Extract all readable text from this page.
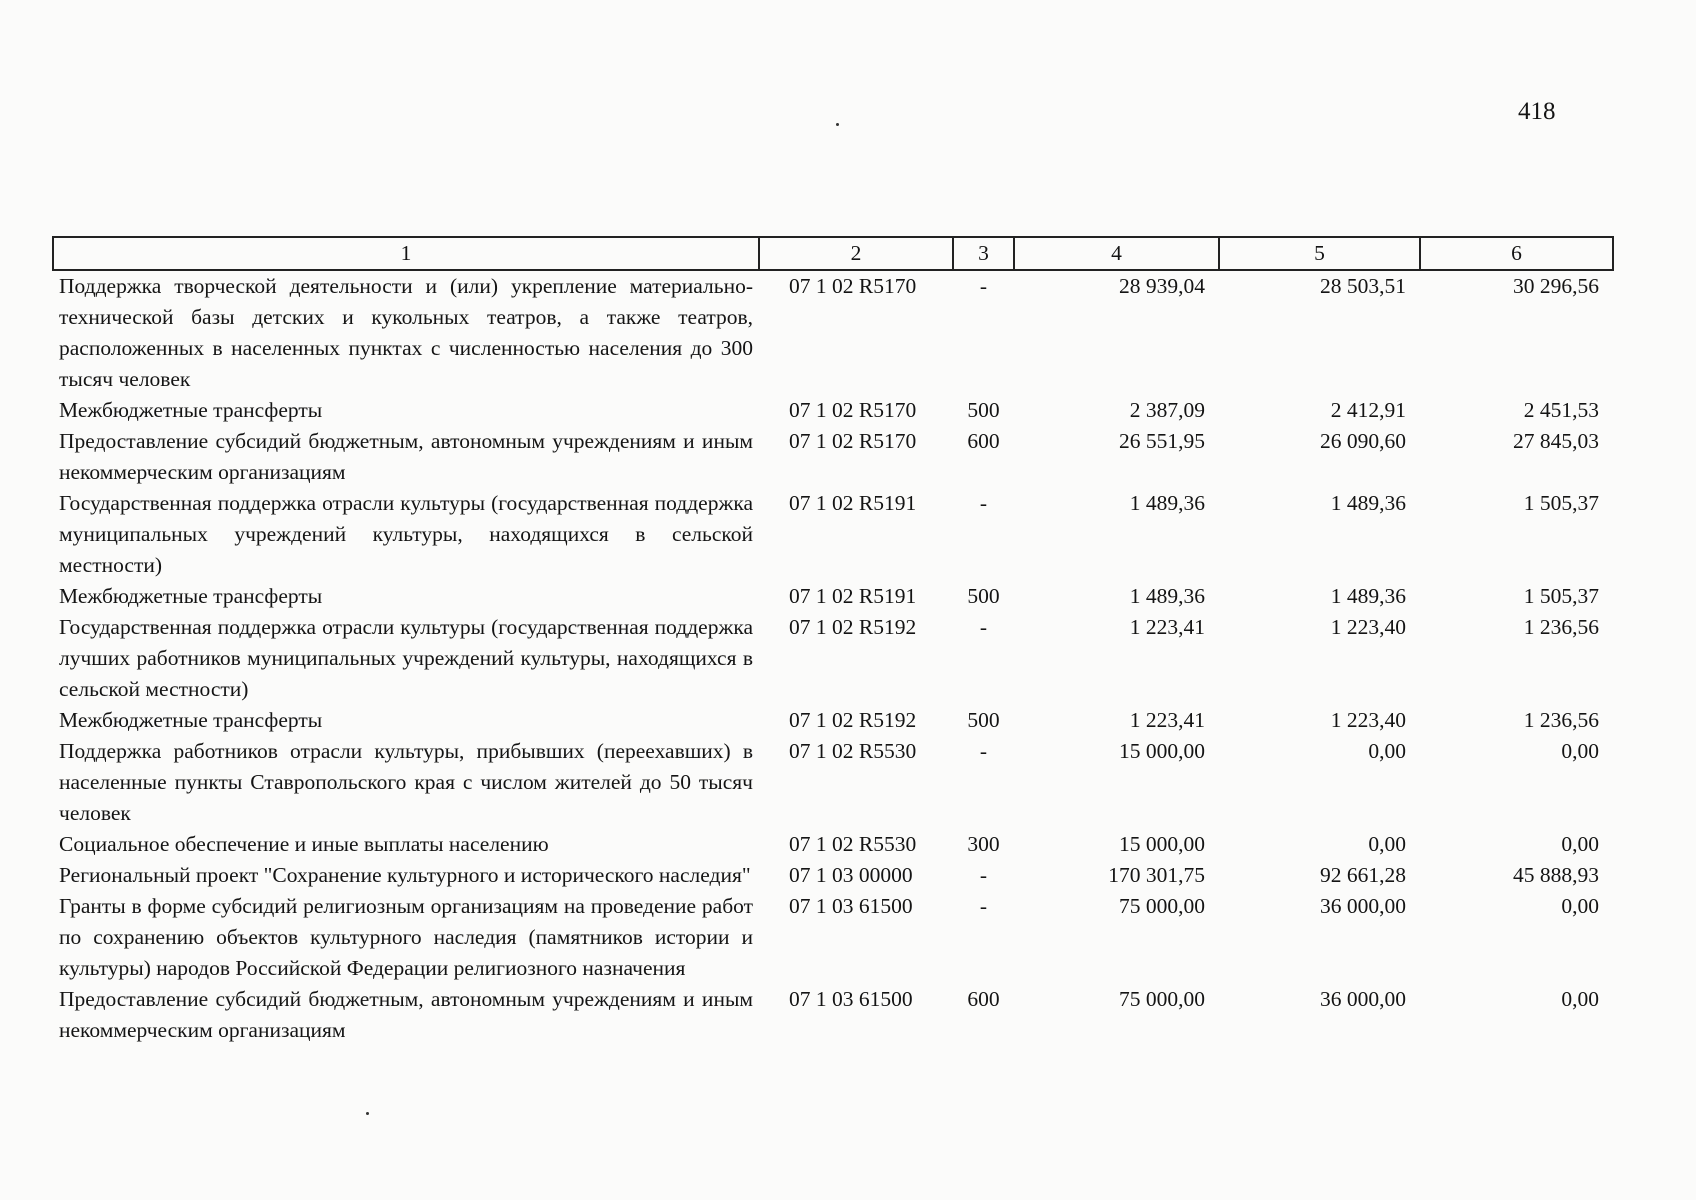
418
1	2	3	4	5	6
Поддержка творческой деятельности и (или) укрепление материально-технической базы детских и кукольных театров, а также театров, расположенных в населенных пунктах с численностью населения до 300 тысяч человек	07 1 02 R5170	-	28 939,04	28 503,51	30 296,56
Межбюджетные трансферты	07 1 02 R5170	500	2 387,09	2 412,91	2 451,53
Предоставление субсидий бюджетным, автономным учреждениям и иным некоммерческим организациям	07 1 02 R5170	600	26 551,95	26 090,60	27 845,03
Государственная поддержка отрасли культуры (государственная поддержка муниципальных учреждений культуры, находящихся в сельской местности)	07 1 02 R5191	-	1 489,36	1 489,36	1 505,37
Межбюджетные трансферты	07 1 02 R5191	500	1 489,36	1 489,36	1 505,37
Государственная поддержка отрасли культуры (государственная поддержка лучших работников муниципальных учреждений культуры, находящихся в сельской местности)	07 1 02 R5192	-	1 223,41	1 223,40	1 236,56
Межбюджетные трансферты	07 1 02 R5192	500	1 223,41	1 223,40	1 236,56
Поддержка работников отрасли культуры, прибывших (переехавших) в населенные пункты Ставропольского края с числом жителей до 50 тысяч человек	07 1 02 R5530	-	15 000,00	0,00	0,00
Социальное обеспечение и иные выплаты населению	07 1 02 R5530	300	15 000,00	0,00	0,00
Региональный проект "Сохранение культурного и исторического наследия"	07 1 03 00000	-	170 301,75	92 661,28	45 888,93
Гранты в форме субсидий религиозным организациям на проведение работ по сохранению объектов культурного наследия (памятников истории и культуры) народов Российской Федерации религиозного назначения	07 1 03 61500	-	75 000,00	36 000,00	0,00
Предоставление субсидий бюджетным, автономным учреждениям и иным некоммерческим организациям	07 1 03 61500	600	75 000,00	36 000,00	0,00
